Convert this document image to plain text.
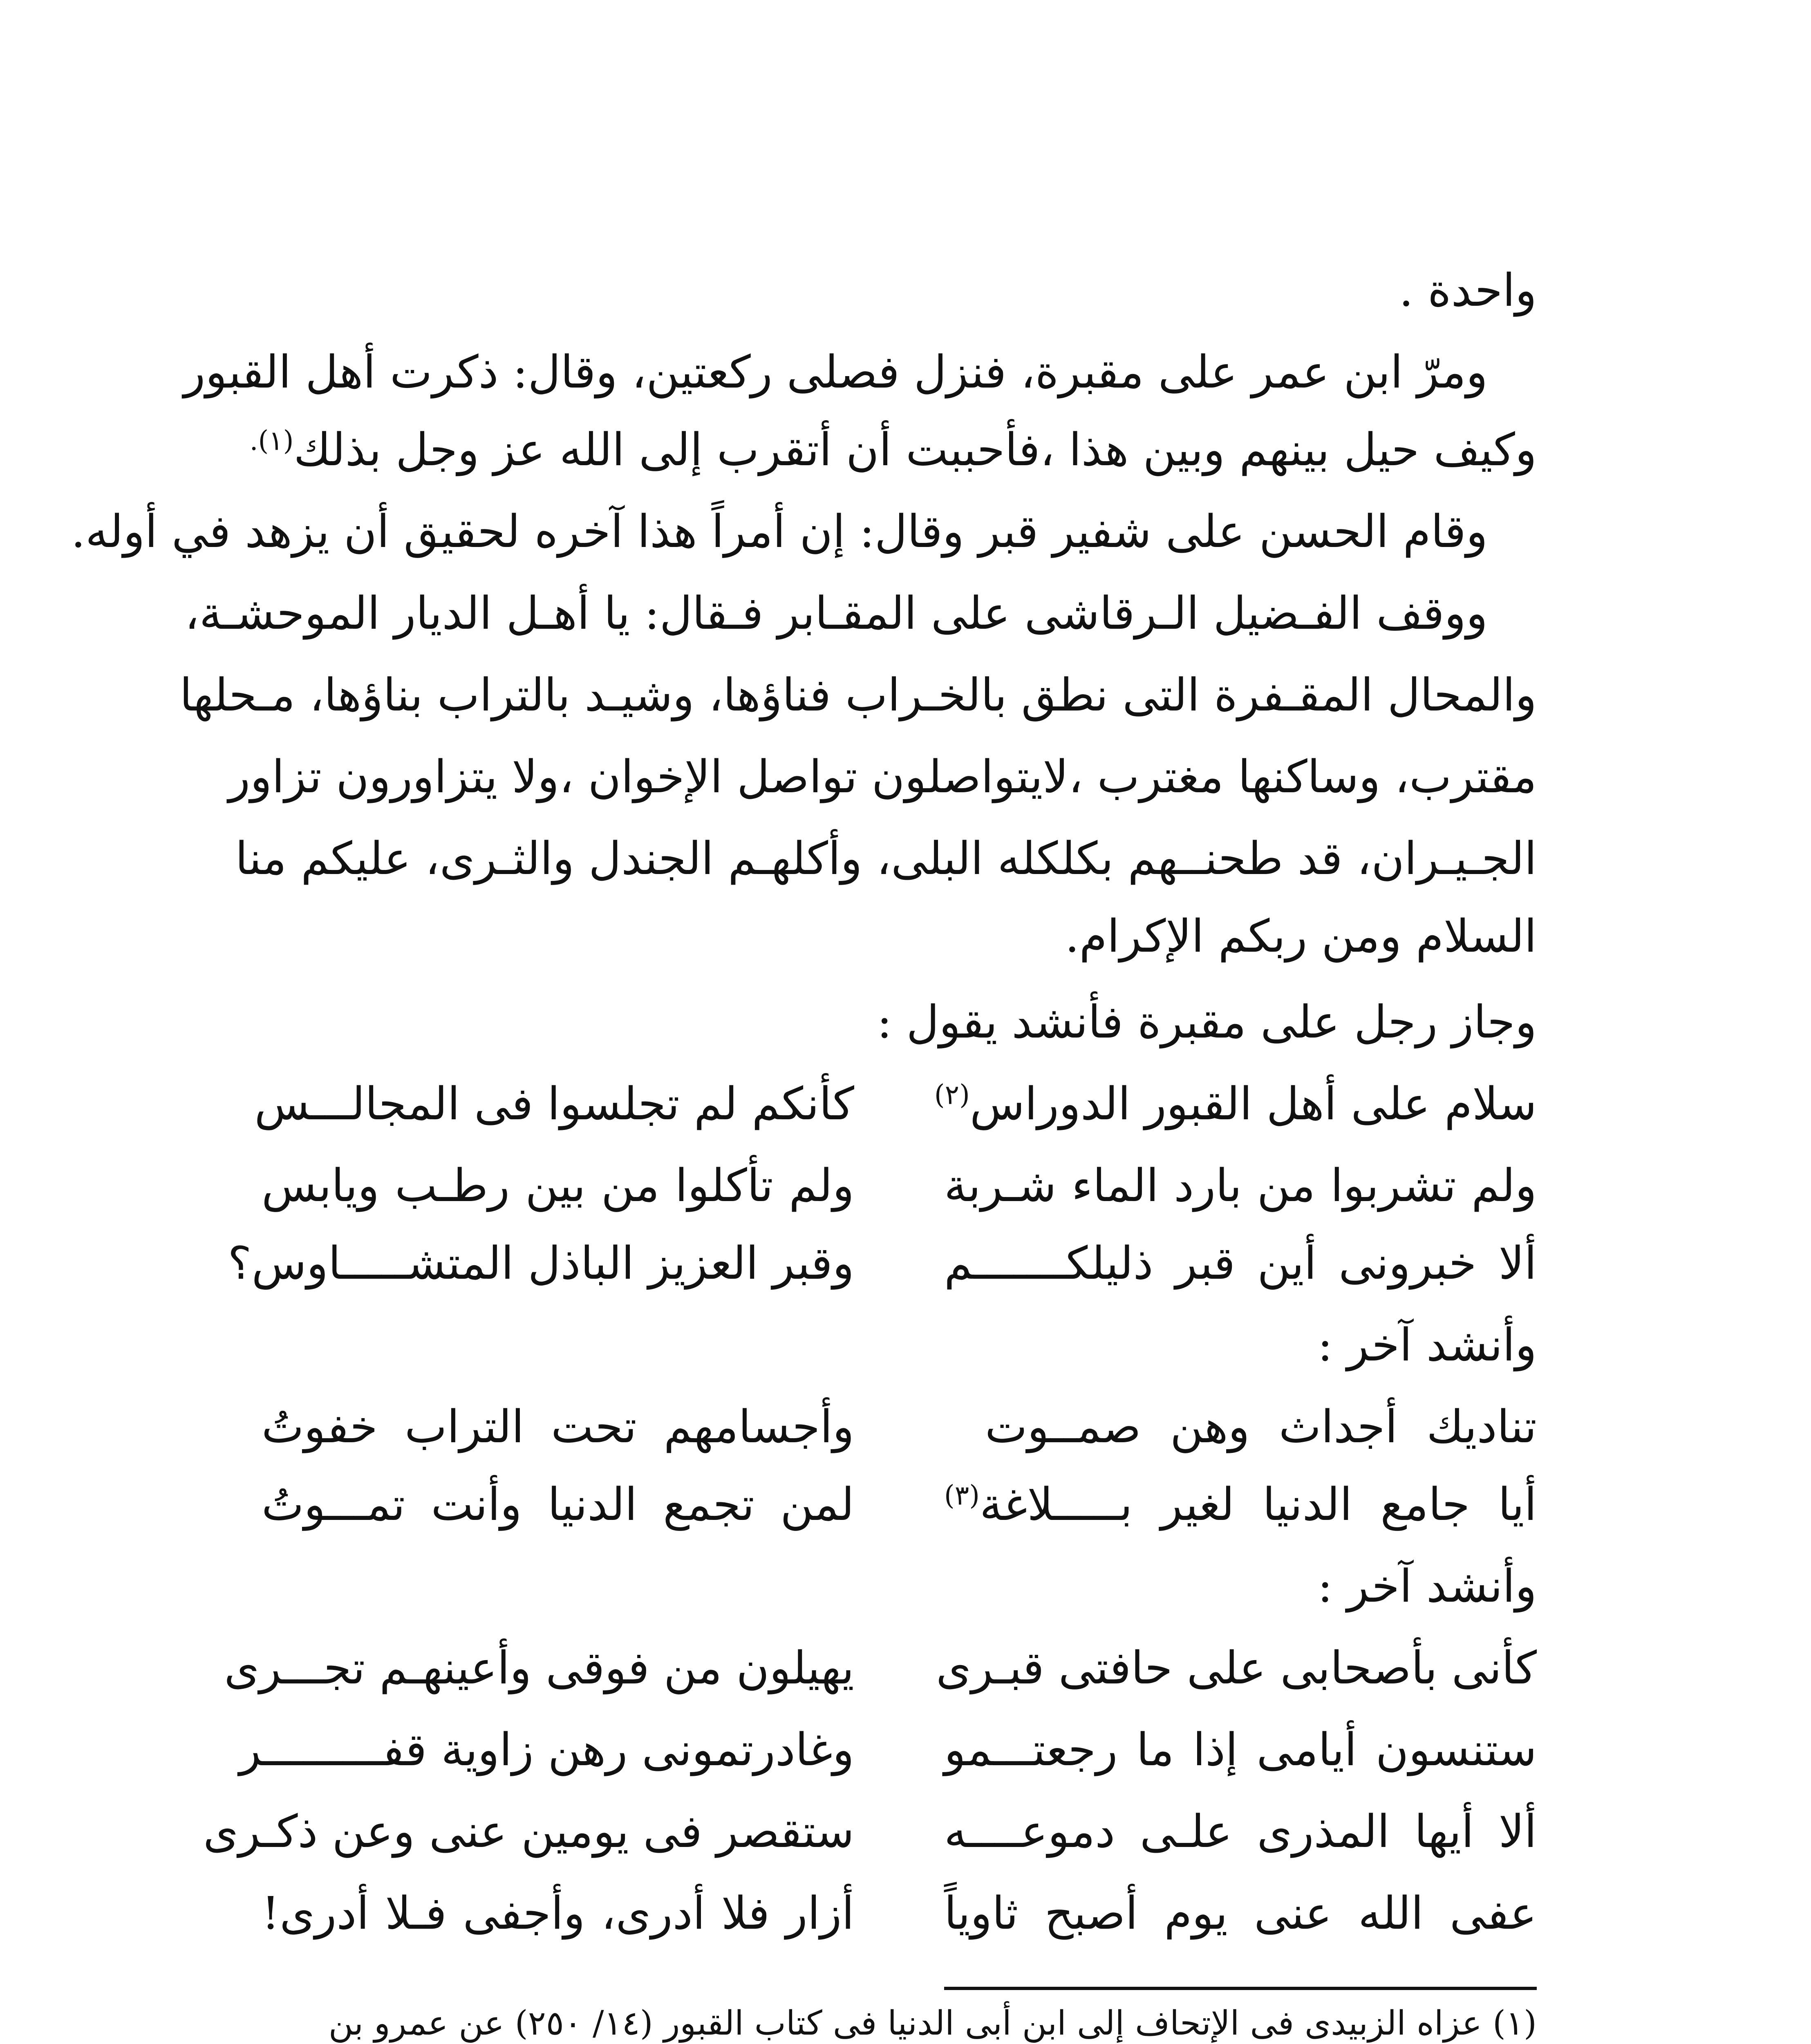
واحدة .
ومرّ ابن عمر على مقبرة، فنزل فصلى ركعتين، وقال: ذكرت أهل القبور
وكيف حيل بينهم وبين هذا ،فأحببت أن أتقرب إلى الله عز وجل بذلك$^{(١).}$
وقام الحسن على شفير قبر وقال: إن أمراً هذا آخره لحقيق أن يزهد في أوله.
ووقف الفـضيل الـرقاشى على المقـابر فـقال: يا أهـل الديار الموحشـة،
والمحال المقـفرة التى نطق بالخـراب فناؤها، وشيـد بالتراب بناؤها، مـحلها
مقترب، وساكنها مغترب ،لايتواصلون تواصل الإخوان ،ولا يتزاورون تزاور
الجـيـران، قد طحنــهم بكلكله البلى، وأكلهـم الجندل والثـرى، عليكم منا
السلام ومن ربكم الإكرام.
وجاز رجل على مقبرة فأنشد يقول :
سلام على أهل القبور الدوراس$^{(٢)}$
كأنكم لم تجلسوا فى المجالـــس
ولم تشربوا من بارد الماء شـربة
ولم تأكلوا من بين رطـب ويابس
ألا خبرونى أين قبر ذليلكـــــــم
وقبر العزيز الباذل المتشـــــاوس؟
وأنشد آخر :
تناديك أجداث وهن صمــوت
وأجسامهم تحت التراب خفوتُ
أيا جامع الدنيا لغير بـــــلاغة$^{(٣)}$
لمن تجمع الدنيا وأنت تمـــوتُ
وأنشد آخر :
كأنى بأصحابى على حافتى قبـرى
يهيلون من فوقى وأعينهـم تجـــرى
ستنسون أيامى إذا ما رجعتـــمو
وغادرتمونى رهن زاوية قفـــــــــر
ألا أيها المذرى علـى دموعــــه
ستقصر فى يومين عنى وعن ذكـرى
عفى الله عنى يوم أصبح ثاوياً
أزار فلا أدرى، وأجفى فـلا أدرى!
(١) عزاه الزبيدى فى الإتحاف إلى ابن أبى الدنيا فى كتاب القبور (١٤/ ٢٥٠) عن عمرو بن
